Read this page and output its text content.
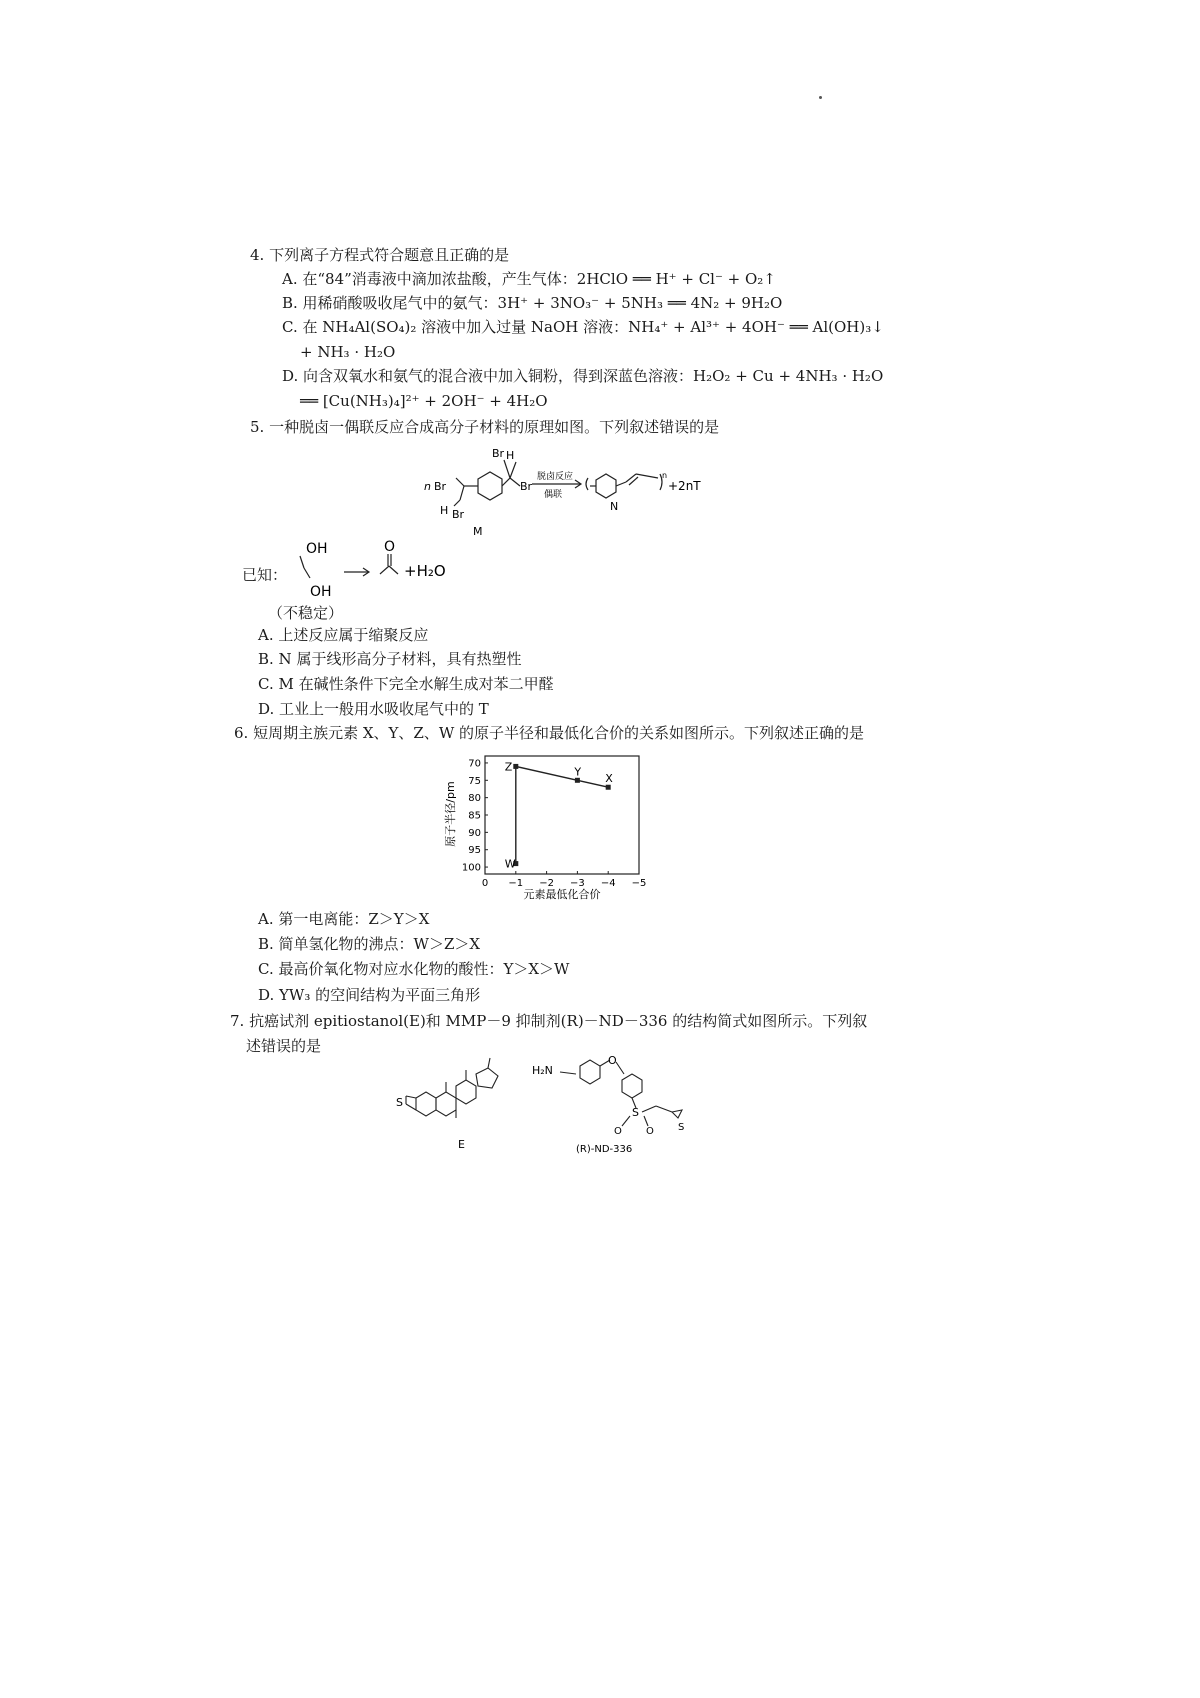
4. 下列离子方程式符合题意且正确的是
A. 在“84”消毒液中滴加浓盐酸，产生气体：2HClO ══ H⁺ + Cl⁻ + O₂↑
B. 用稀硝酸吸收尾气中的氨气：3H⁺ + 3NO₃⁻ + 5NH₃ ══ 4N₂ + 9H₂O
C. 在 NH₄Al(SO₄)₂ 溶液中加入过量 NaOH 溶液：NH₄⁺ + Al³⁺ + 4OH⁻ ══ Al(OH)₃↓
+ NH₃ · H₂O
D. 向含双氧水和氨气的混合液中加入铜粉，得到深蓝色溶液：H₂O₂ + Cu + 4NH₃ · H₂O
══ [Cu(NH₃)₄]²⁺ + 2OH⁻ + 4H₂O
5. 一种脱卤一偶联反应合成高分子材料的原理如图。下列叙述错误的是
n Br
H Br
Br H
Br
M
脱卤反应
偶联
N
n
+2nT
已知：
OH
OH
O
+H₂O
（不稳定）
A. 上述反应属于缩聚反应
B. N 属于线形高分子材料，具有热塑性
C. M 在碱性条件下完全水解生成对苯二甲醛
D. 工业上一般用水吸收尾气中的 T
6. 短周期主族元素 X、Y、Z、W 的原子半径和最低化合价的关系如图所示。下列叙述正确的是
0 −1 −2 −3 −4 −5
70
75
80
85
90
95
100
Z	Y
X
W
原子半径/pm
元素最低化合价
A. 第一电离能：Z＞Y＞X
B. 简单氢化物的沸点：W＞Z＞X
C. 最高价氧化物对应水化物的酸性：Y＞X＞W
D. YW₃ 的空间结构为平面三角形
7. 抗癌试剂 epitiostanol(E)和 MMP－9 抑制剂(R)－ND－336 的结构简式如图所示。下列叙
述错误的是
S
E
H₂N
O
S
O O S
(R)-ND-336
